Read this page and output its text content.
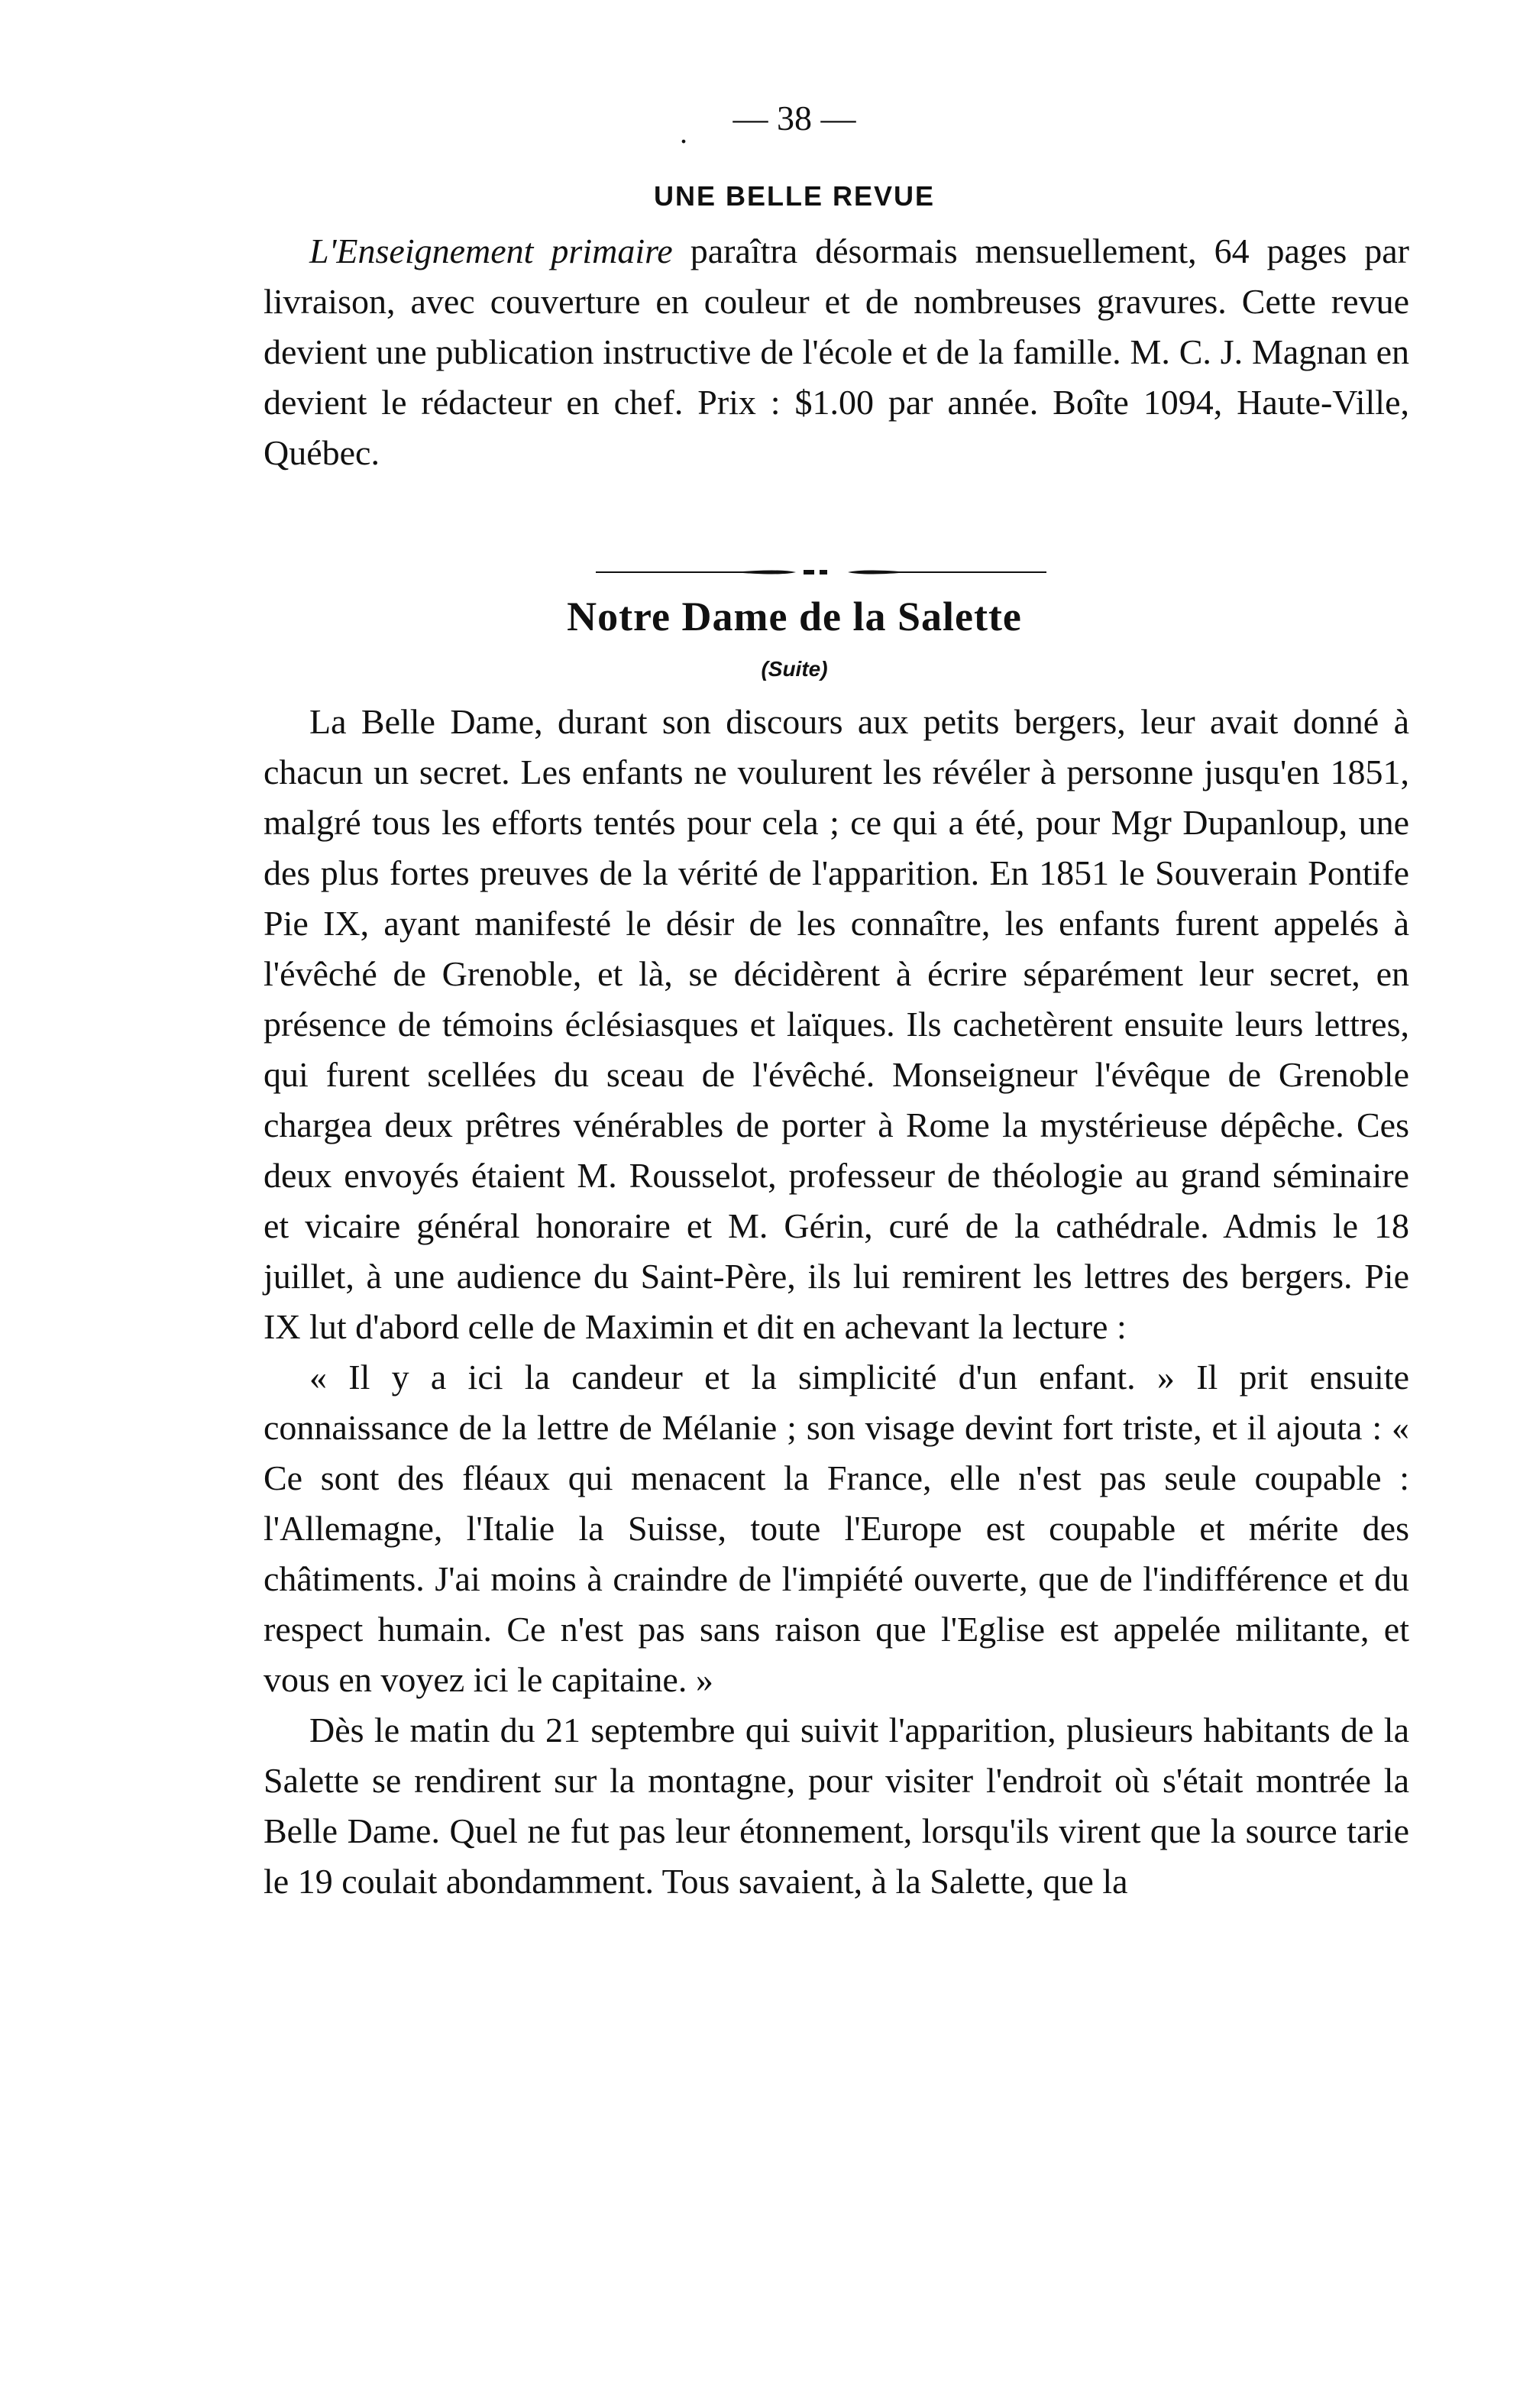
.	— 38 —
UNE BELLE REVUE

L'Enseignement primaire paraîtra désormais mensuellement, 64 pages par livraison, avec couverture en couleur et de nombreuses gravures. Cette revue devient une publication instructive de l'école et de la famille. M. C. J. Magnan en devient le rédacteur en chef. Prix : $1.00 par année. Boîte 1094, Haute-Ville, Québec.

Notre Dame de la Salette
(Suite)

La Belle Dame, durant son discours aux petits bergers, leur avait donné à chacun un secret. Les enfants ne voulurent les révéler à personne jusqu'en 1851, malgré tous les efforts tentés pour cela ; ce qui a été, pour Mgr Dupanloup, une des plus fortes preuves de la vérité de l'apparition. En 1851 le Souverain Pontife Pie IX, ayant manifesté le désir de les connaître, les enfants furent appelés à l'évêché de Grenoble, et là, se décidèrent à écrire séparément leur secret, en présence de témoins éclésiasques et laïques. Ils cachetèrent ensuite leurs lettres, qui furent scellées du sceau de l'évêché. Monseigneur l'évêque de Grenoble chargea deux prêtres vénérables de porter à Rome la mystérieuse dépêche. Ces deux envoyés étaient M. Rousselot, professeur de théologie au grand séminaire et vicaire général honoraire et M. Gérin, curé de la cathédrale. Admis le 18 juillet, à une audience du Saint-Père, ils lui remirent les lettres des bergers. Pie IX lut d'abord celle de Maximin et dit en achevant la lecture :

« Il y a ici la candeur et la simplicité d'un enfant. » Il prit ensuite connaissance de la lettre de Mélanie ; son visage devint fort triste, et il ajouta : « Ce sont des fléaux qui menacent la France, elle n'est pas seule coupable : l'Allemagne, l'Italie la Suisse, toute l'Europe est coupable et mérite des châtiments. J'ai moins à craindre de l'impiété ouverte, que de l'indifférence et du respect humain. Ce n'est pas sans raison que l'Eglise est appelée militante, et vous en voyez ici le capitaine. »

Dès le matin du 21 septembre qui suivit l'apparition, plusieurs habitants de la Salette se rendirent sur la montagne, pour visiter l'endroit où s'était montrée la Belle Dame. Quel ne fut pas leur étonnement, lorsqu'ils virent que la source tarie le 19 coulait abondamment. Tous savaient, à la Salette, que la
